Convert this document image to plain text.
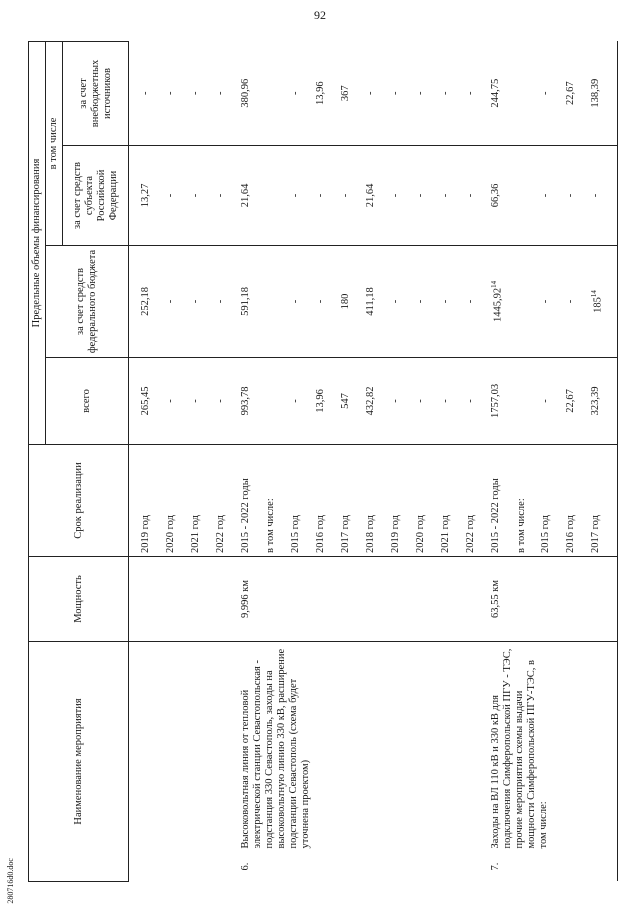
92
Наименование мероприятия		Мощность	Срок реализации	Предельные объемы финансирования			
				всего	за счет средств федерального бюджета	в том числе	
						за счет средств субъекта Российской Федерации	за счет внебюджетных источников

			2019 год	265,45	252,18	13,27	-
			2020 год	-	-	-	-
			2021 год	-	-	-	-
			2022 год	-	-	-	-
6.	Высоковольтная линия от тепловой электрической станции Севастопольская - подстанция 330 Севастополь, заходы на высоковольтную линию 330 кВ, расширение подстанции Севастополь (схема будет уточнена проектом)	9,996 км	2015 - 2022 годы	993,78	591,18	21,64	380,96
			в том числе:				
			2015 год	-	-	-	-
			2016 год	13,96	-	-	13,96
			2017 год	547	180	-	367
			2018 год	432,82	411,18	21,64	-
			2019 год	-	-	-	-
			2020 год	-	-	-	-
			2021 год	-	-	-	-
			2022 год	-	-	-	-
7.	Заходы на ВЛ 110 кВ и 330 кВ для подключения Симферопольской ПГУ - ТЭС, прочие мероприятия схемы выдачи мощности Симферопольской ПГУ-ТЭС, в том числе:	63,55 км	2015 - 2022 годы	1757,03	1445,92$^{14}$	66,36	244,75
			в том числе:				
			2015 год	-	-	-	-
			2016 год	22,67	-	-	22,67
			2017 год	323,39	$185^{14}$	-	138,39
280716d0.doc
